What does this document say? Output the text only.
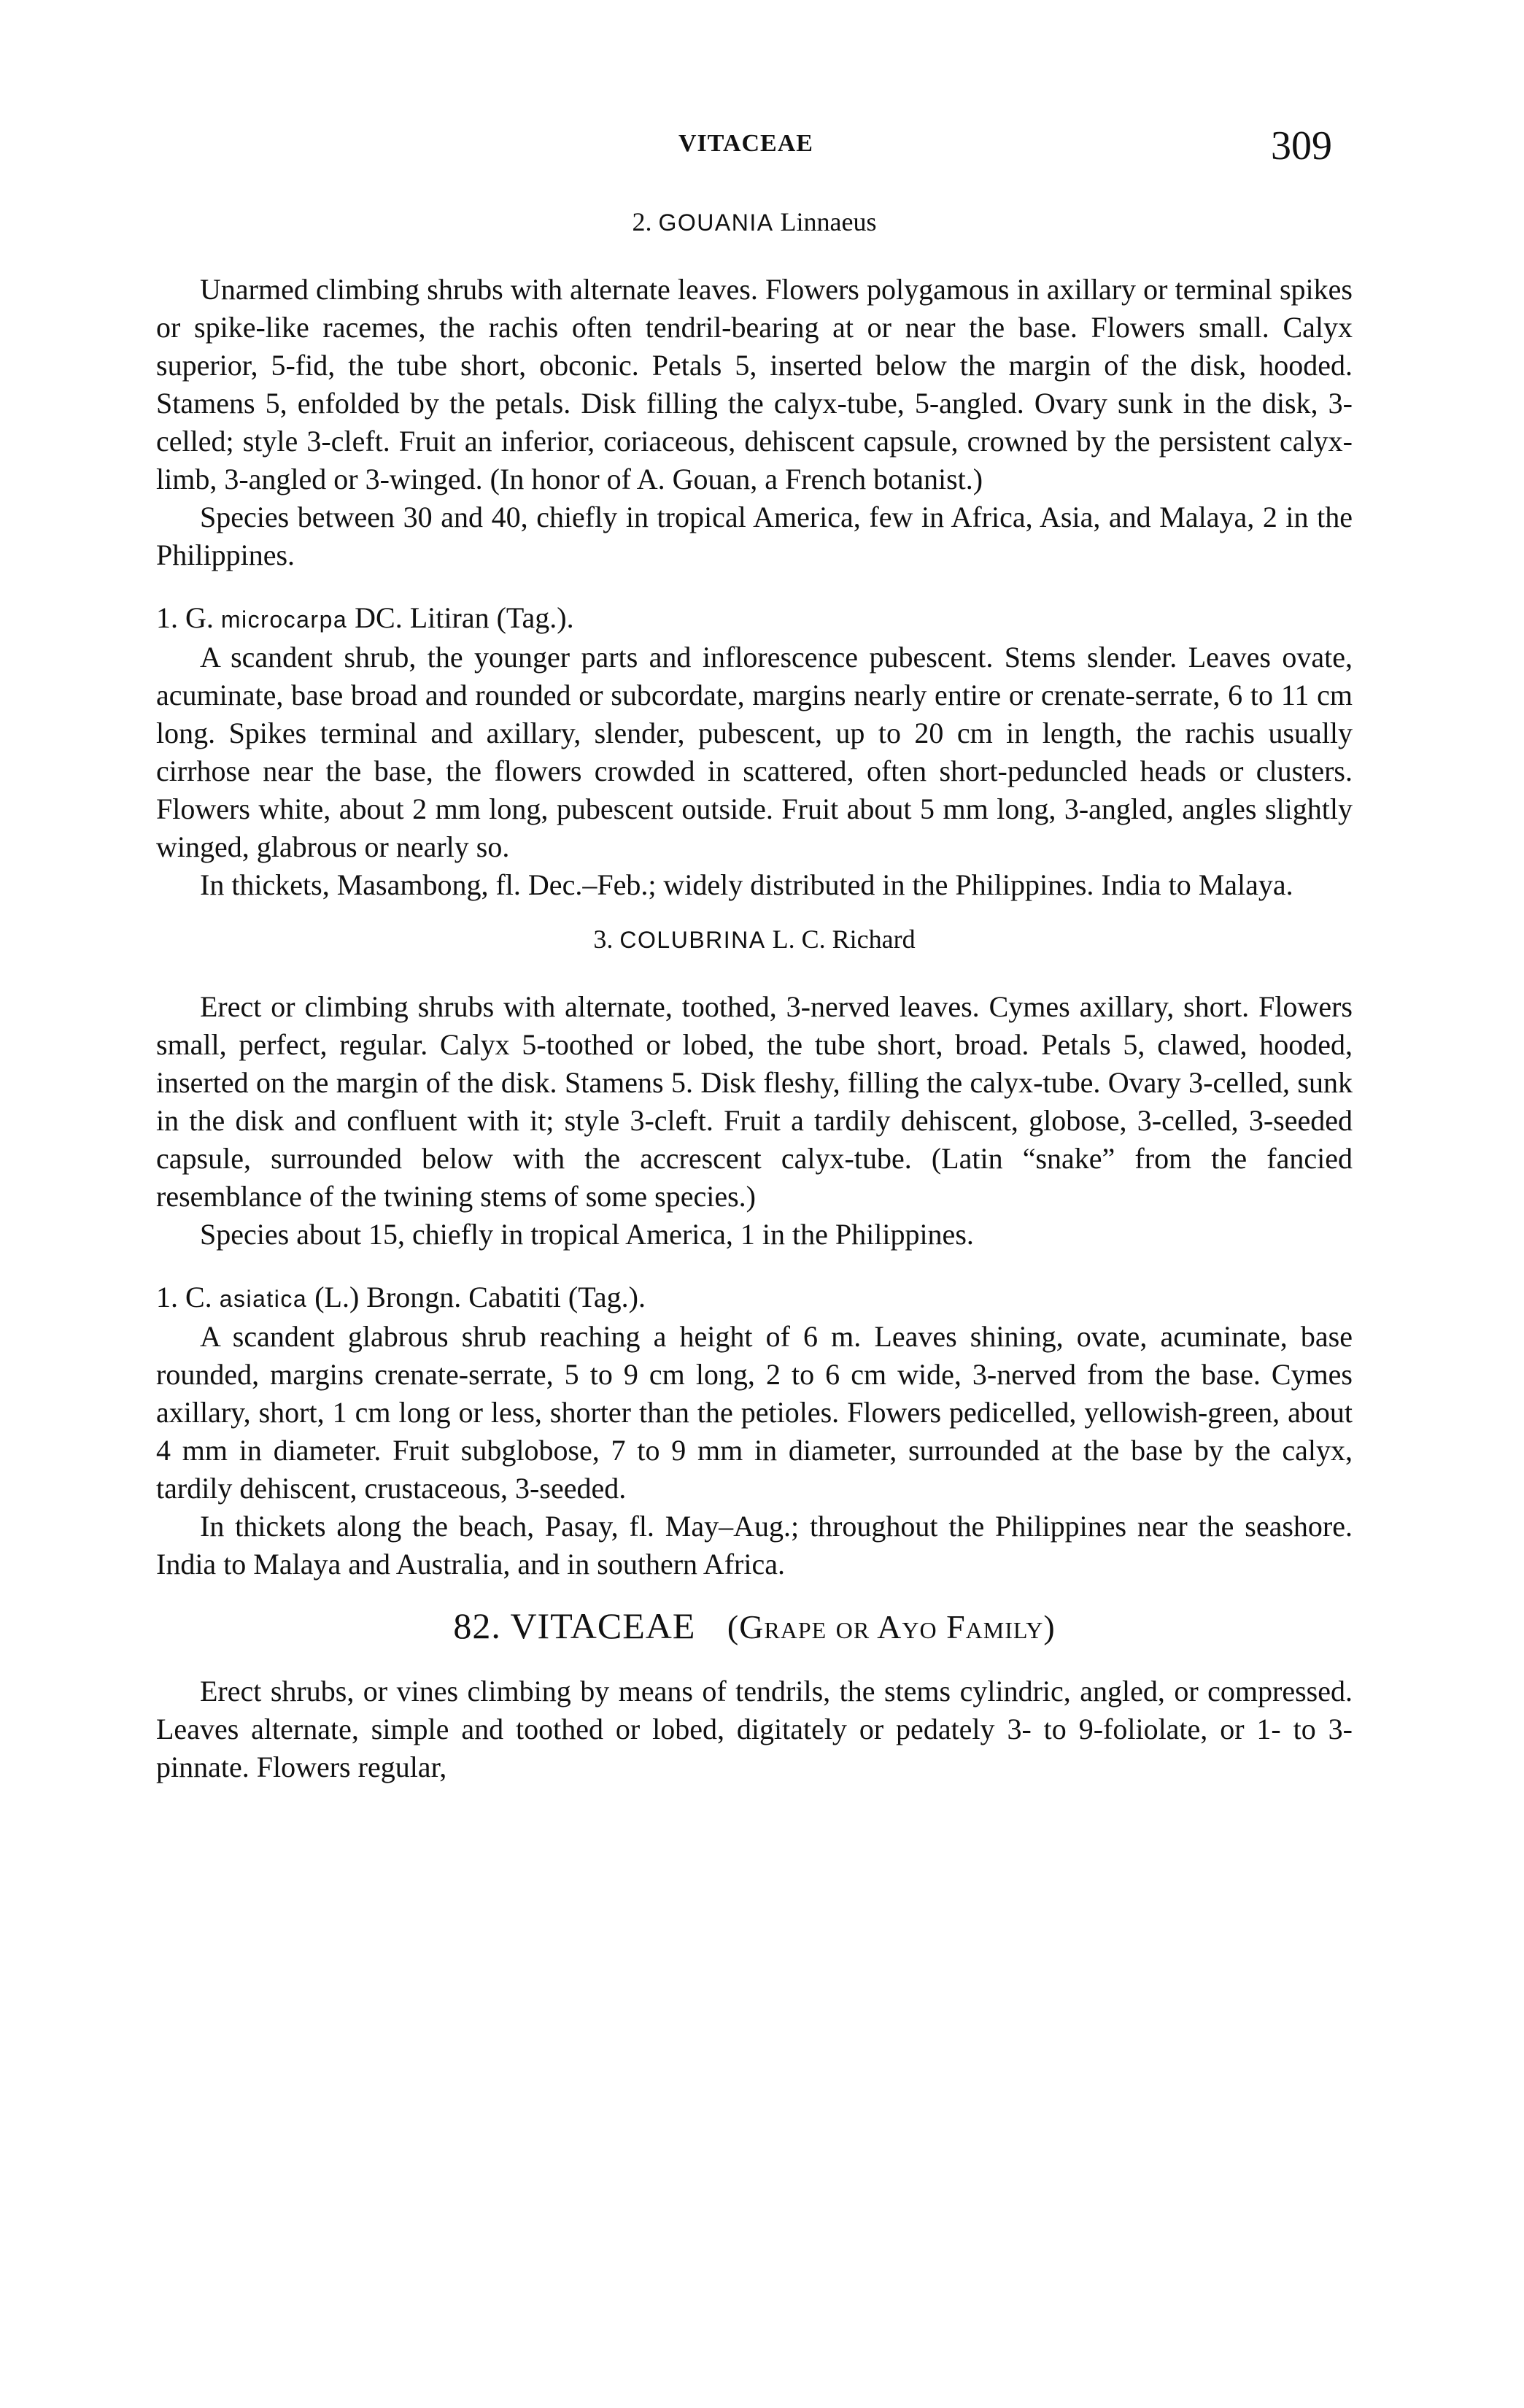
VITACEAE	309
2. GOUANIA Linnaeus

Unarmed climbing shrubs with alternate leaves. Flowers polygamous in axillary or terminal spikes or spike-like racemes, the rachis often tendril-bearing at or near the base. Flowers small. Calyx superior, 5-fid, the tube short, obconic. Petals 5, inserted below the margin of the disk, hooded. Stamens 5, enfolded by the petals. Disk filling the calyx-tube, 5-angled. Ovary sunk in the disk, 3-celled; style 3-cleft. Fruit an inferior, coriaceous, dehiscent capsule, crowned by the persistent calyx-limb, 3-angled or 3-winged. (In honor of A. Gouan, a French botanist.)

Species between 30 and 40, chiefly in tropical America, few in Africa, Asia, and Malaya, 2 in the Philippines.

1. G. microcarpa DC. Litiran (Tag.).

A scandent shrub, the younger parts and inflorescence pubescent. Stems slender. Leaves ovate, acuminate, base broad and rounded or subcordate, margins nearly entire or crenate-serrate, 6 to 11 cm long. Spikes terminal and axillary, slender, pubescent, up to 20 cm in length, the rachis usually cirrhose near the base, the flowers crowded in scattered, often short-peduncled heads or clusters. Flowers white, about 2 mm long, pubescent outside. Fruit about 5 mm long, 3-angled, angles slightly winged, glabrous or nearly so.

In thickets, Masambong, fl. Dec.–Feb.; widely distributed in the Philippines. India to Malaya.

3. COLUBRINA L. C. Richard

Erect or climbing shrubs with alternate, toothed, 3-nerved leaves. Cymes axillary, short. Flowers small, perfect, regular. Calyx 5-toothed or lobed, the tube short, broad. Petals 5, clawed, hooded, inserted on the margin of the disk. Stamens 5. Disk fleshy, filling the calyx-tube. Ovary 3-celled, sunk in the disk and confluent with it; style 3-cleft. Fruit a tardily dehiscent, globose, 3-celled, 3-seeded capsule, surrounded below with the accrescent calyx-tube. (Latin “snake” from the fancied resemblance of the twining stems of some species.)

Species about 15, chiefly in tropical America, 1 in the Philippines.

1. C. asiatica (L.) Brongn. Cabatiti (Tag.).

A scandent glabrous shrub reaching a height of 6 m. Leaves shining, ovate, acuminate, base rounded, margins crenate-serrate, 5 to 9 cm long, 2 to 6 cm wide, 3-nerved from the base. Cymes axillary, short, 1 cm long or less, shorter than the petioles. Flowers pedicelled, yellowish-green, about 4 mm in diameter. Fruit subglobose, 7 to 9 mm in diameter, surrounded at the base by the calyx, tardily dehiscent, crustaceous, 3-seeded.

In thickets along the beach, Pasay, fl. May–Aug.; throughout the Philippines near the seashore. India to Malaya and Australia, and in southern Africa.

82. VITACEAE (Grape or Ayo Family)

Erect shrubs, or vines climbing by means of tendrils, the stems cylindric, angled, or compressed. Leaves alternate, simple and toothed or lobed, digitately or pedately 3- to 9-foliolate, or 1- to 3-pinnate. Flowers regular,
